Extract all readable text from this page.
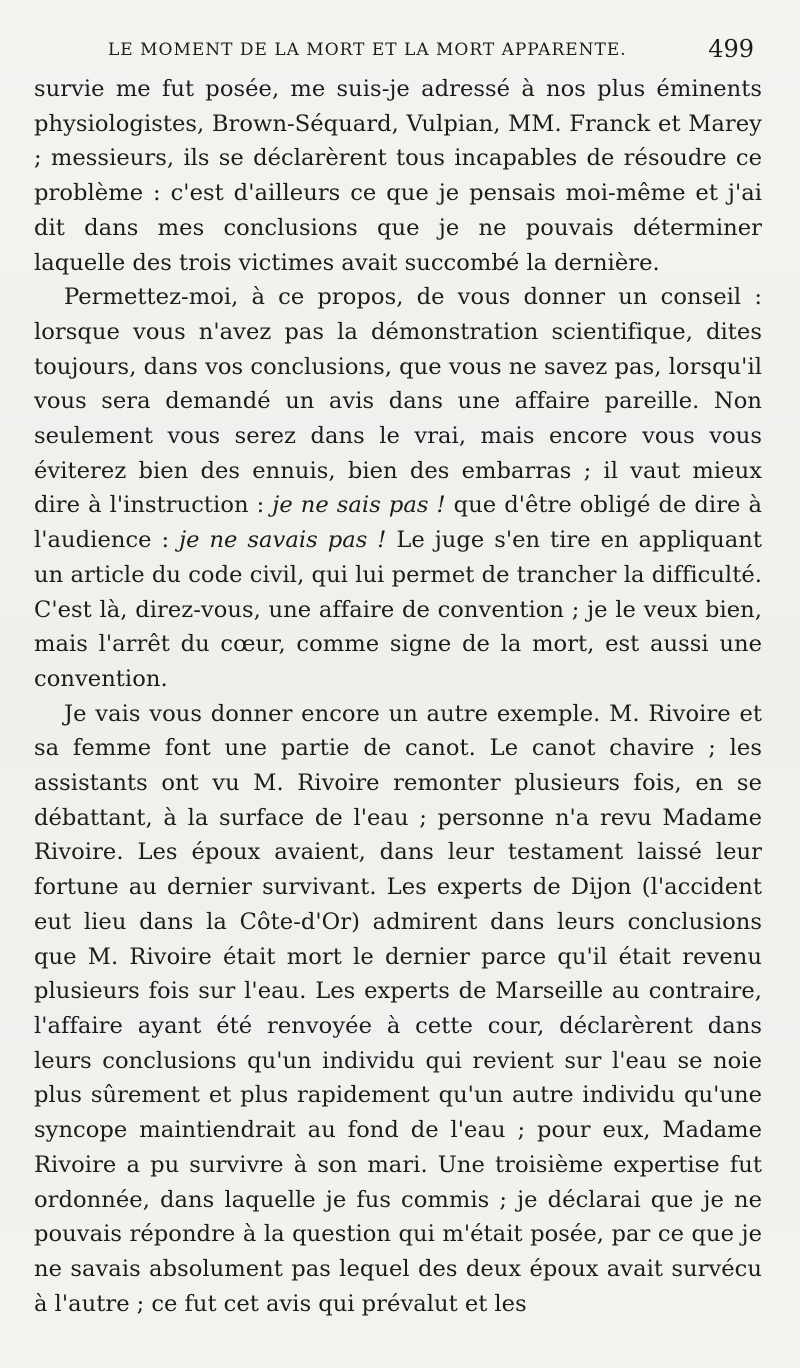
LE MOMENT DE LA MORT ET LA MORT APPARENTE.	499

survie me fut posée, me suis-je adressé à nos plus éminents physiologistes, Brown-Séquard, Vulpian, MM. Franck et Marey ; messieurs, ils se déclarèrent tous incapables de résoudre ce problème : c'est d'ailleurs ce que je pensais moi-même et j'ai dit dans mes conclusions que je ne pouvais déterminer laquelle des trois victimes avait succombé la dernière.

Permettez-moi, à ce propos, de vous donner un conseil : lorsque vous n'avez pas la démonstration scientifique, dites toujours, dans vos conclusions, que vous ne savez pas, lorsqu'il vous sera demandé un avis dans une affaire pareille. Non seulement vous serez dans le vrai, mais encore vous vous éviterez bien des ennuis, bien des embarras ; il vaut mieux dire à l'instruction : je ne sais pas ! que d'être obligé de dire à l'audience : je ne savais pas ! Le juge s'en tire en appliquant un article du code civil, qui lui permet de trancher la difficulté. C'est là, direz-vous, une affaire de convention ; je le veux bien, mais l'arrêt du cœur, comme signe de la mort, est aussi une convention.

Je vais vous donner encore un autre exemple. M. Rivoire et sa femme font une partie de canot. Le canot chavire ; les assistants ont vu M. Rivoire remonter plusieurs fois, en se débattant, à la surface de l'eau ; personne n'a revu Madame Rivoire. Les époux avaient, dans leur testament laissé leur fortune au dernier survivant. Les experts de Dijon (l'accident eut lieu dans la Côte-d'Or) admirent dans leurs conclusions que M. Rivoire était mort le dernier parce qu'il était revenu plusieurs fois sur l'eau. Les experts de Marseille au contraire, l'affaire ayant été renvoyée à cette cour, déclarèrent dans leurs conclusions qu'un individu qui revient sur l'eau se noie plus sûrement et plus rapidement qu'un autre individu qu'une syncope maintiendrait au fond de l'eau ; pour eux, Madame Rivoire a pu survivre à son mari. Une troisième expertise fut ordonnée, dans laquelle je fus commis ; je déclarai que je ne pouvais répondre à la question qui m'était posée, par ce que je ne savais absolument pas lequel des deux époux avait survécu à l'autre ; ce fut cet avis qui prévalut et les
